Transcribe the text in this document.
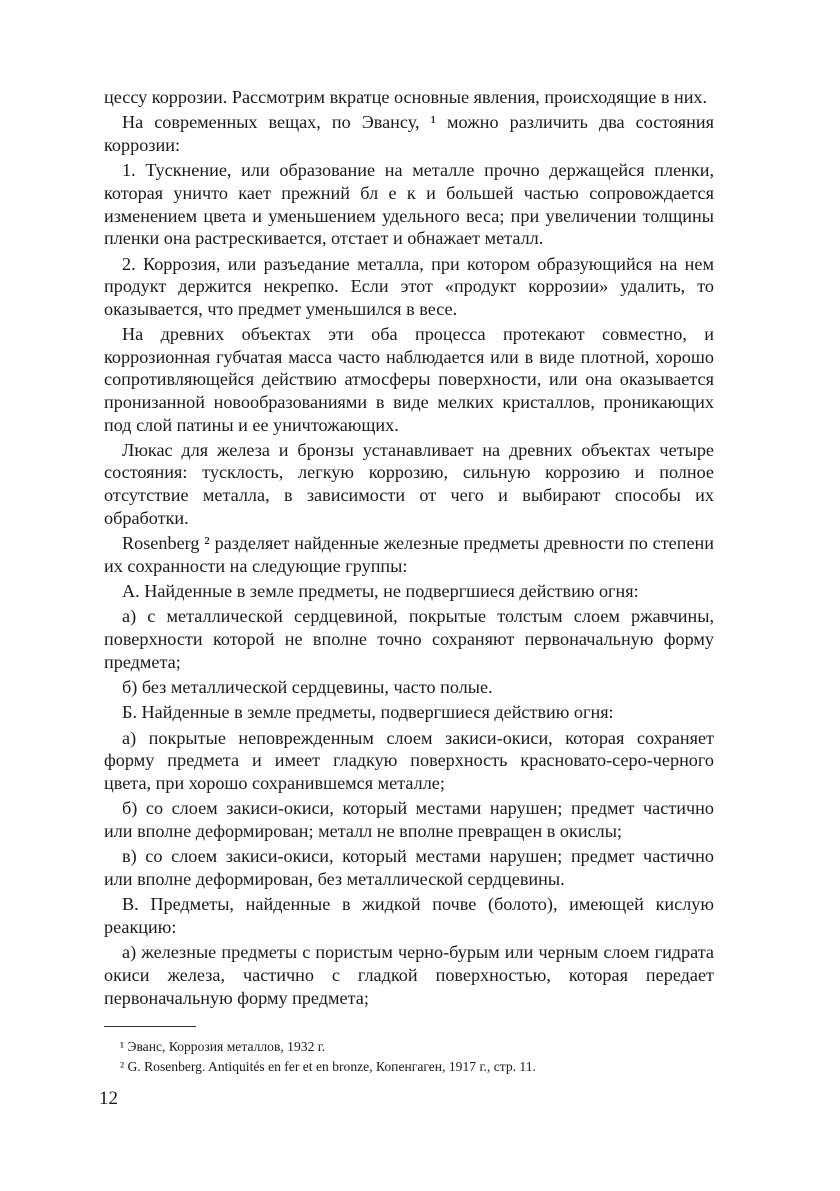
цессу коррозии. Рассмотрим вкратце основные явления, происходящие в них.

На современных вещах, по Эвансу, ¹ можно различить два состояния коррозии:

1. Тускнение, или образование на металле прочно держащейся пленки, которая уничто кает прежний бл е к и большей частью сопровождается изменением цвета и уменьшением удельного веса; при увеличении толщины пленки она растрескивается, отстает и обнажает металл.

2. Коррозия, или разъедание металла, при котором образующийся на нем продукт держится некрепко. Если этот «продукт коррозии» удалить, то оказывается, что предмет уменьшился в весе.

На древних объектах эти оба процесса протекают совместно, и коррозионная губчатая масса часто наблюдается или в виде плотной, хорошо сопротивляющейся действию атмосферы поверхности, или она оказывается пронизанной новообразованиями в виде мелких кристаллов, проникающих под слой патины и ее уничтожающих.

Люкас для железа и бронзы устанавливает на древних объектах четыре состояния: тусклость, легкую коррозию, сильную коррозию и полное отсутствие металла, в зависимости от чего и выбирают способы их обработки.

Rosenberg ² разделяет найденные железные предметы древности по степени их сохранности на следующие группы:

А. Найденные в земле предметы, не подвергшиеся действию огня:

а) с металлической сердцевиной, покрытые толстым слоем ржавчины, поверхности которой не вполне точно сохраняют первоначальную форму предмета;

б) без металлической сердцевины, часто полые.

Б. Найденные в земле предметы, подвергшиеся действию огня:

а) покрытые неповрежденным слоем закиси-окиси, которая сохраняет форму предмета и имеет гладкую поверхность красновато-серо-черного цвета, при хорошо сохранившемся металле;

б) со слоем закиси-окиси, который местами нарушен; предмет частично или вполне деформирован; металл не вполне превращен в окислы;

в) со слоем закиси-окиси, который местами нарушен; предмет частично или вполне деформирован, без металлической сердцевины.

В. Предметы, найденные в жидкой почве (болото), имеющей кислую реакцию:

а) железные предметы с пористым черно-бурым или черным слоем гидрата окиси железа, частично с гладкой поверхностью, которая передает первоначальную форму предмета;

¹ Эванс, Коррозия металлов, 1932 г.

² G. Rosenberg. Antiquités en fer et en bronze, Копенгаген, 1917 г., стр. 11.

12
